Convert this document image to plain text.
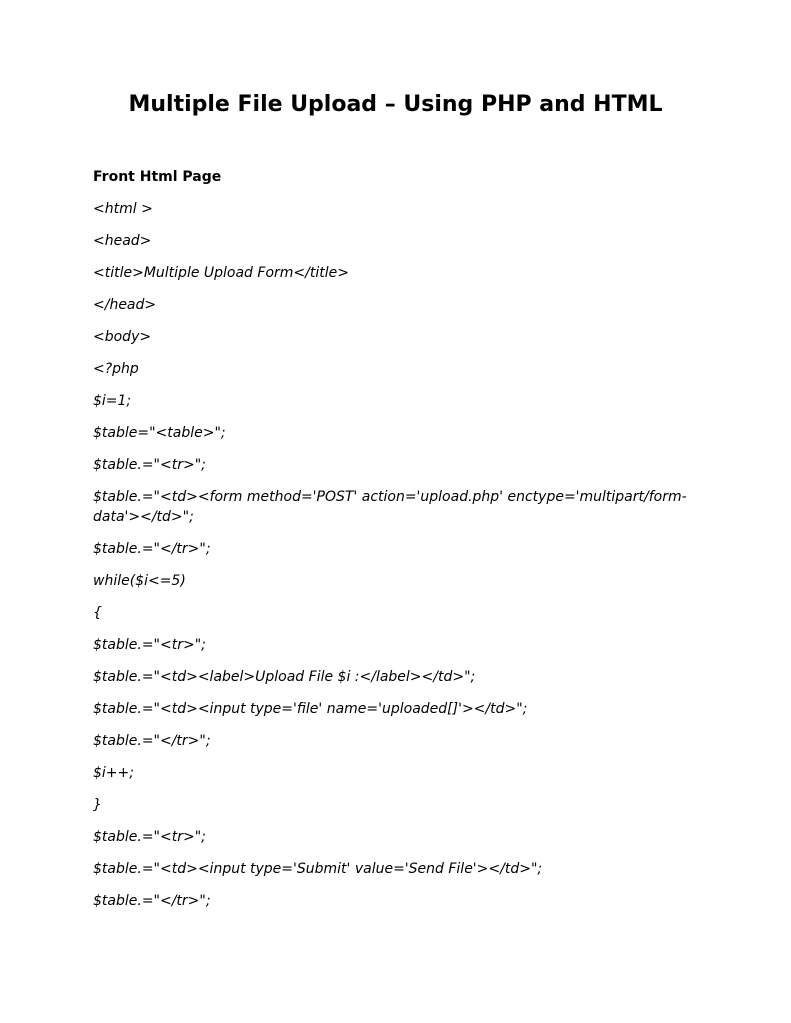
Multiple File Upload – Using PHP and HTML
Front Html Page

<html >

<head>

<title>Multiple Upload Form</title>

</head>

<body>

<?php

$i=1;

$table="<table>";

$table.="<tr>";

$table.="<td><form method='POST' action='upload.php' enctype='multipart/form-data'></td>";

$table.="</tr>";

while($i<=5)

{

$table.="<tr>";

$table.="<td><label>Upload File $i :</label></td>";

$table.="<td><input type='file' name='uploaded[]'></td>";

$table.="</tr>";

$i++;

}

$table.="<tr>";

$table.="<td><input type='Submit' value='Send File'></td>";

$table.="</tr>";
